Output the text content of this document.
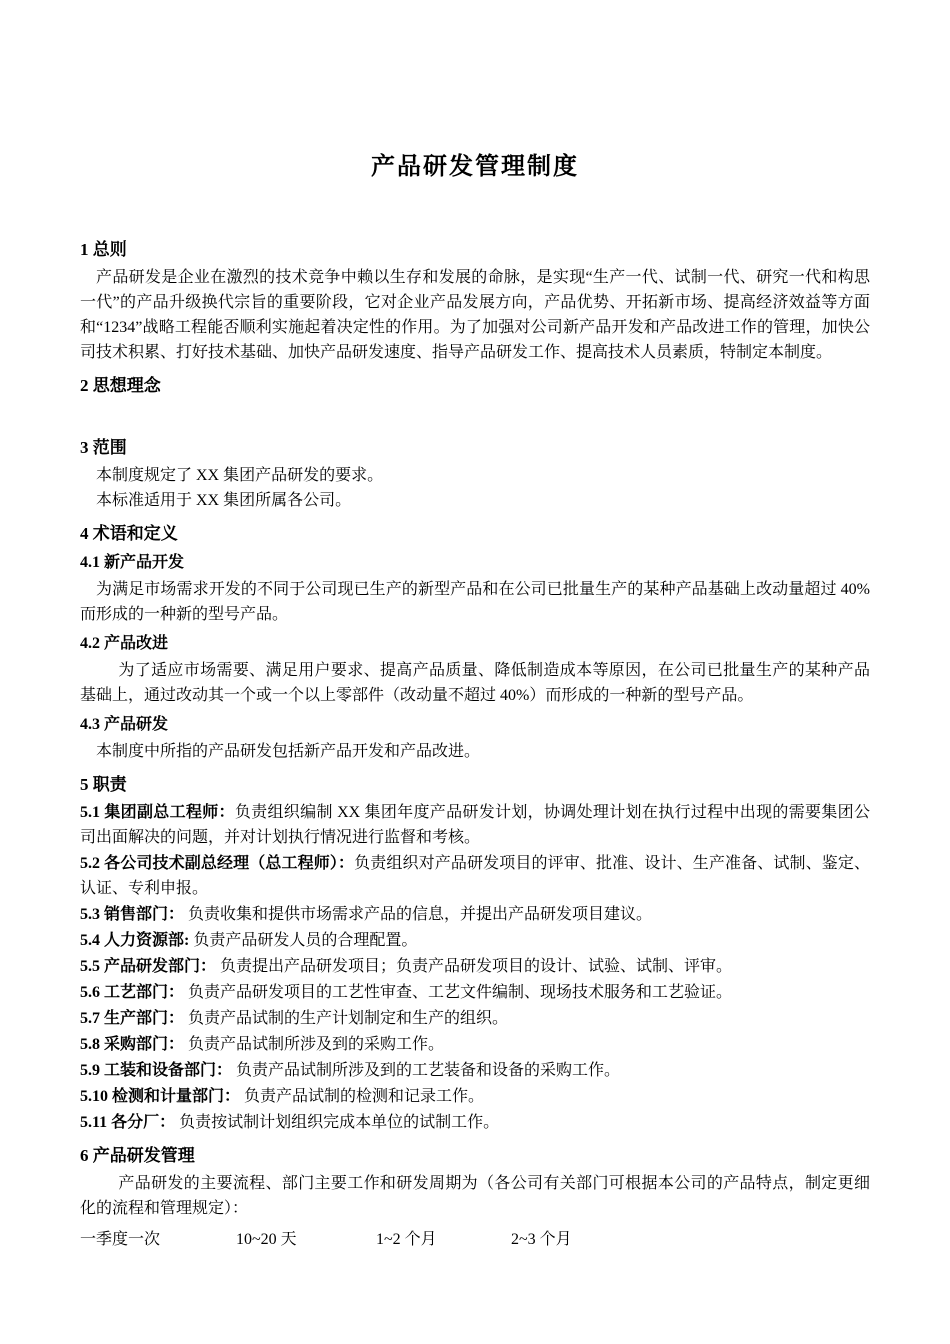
产品研发管理制度
1 总则

产品研发是企业在激烈的技术竞争中赖以生存和发展的命脉，是实现“生产一代、试制一代、研究一代和构思一代”的产品升级换代宗旨的重要阶段，它对企业产品发展方向，产品优势、开拓新市场、提高经济效益等方面和“1234”战略工程能否顺利实施起着决定性的作用。为了加强对公司新产品开发和产品改进工作的管理，加快公司技术积累、打好技术基础、加快产品研发速度、指导产品研发工作、提高技术人员素质，特制定本制度。

2 思想理念
3 范围

本制度规定了 XX 集团产品研发的要求。

本标准适用于 XX 集团所属各公司。

4 术语和定义
4.1 新产品开发

为满足市场需求开发的不同于公司现已生产的新型产品和在公司已批量生产的某种产品基础上改动量超过 40%而形成的一种新的型号产品。

4.2 产品改进

为了适应市场需要、满足用户要求、提高产品质量、降低制造成本等原因，在公司已批量生产的某种产品基础上，通过改动其一个或一个以上零部件（改动量不超过 40%）而形成的一种新的型号产品。

4.3 产品研发

本制度中所指的产品研发包括新产品开发和产品改进。

5 职责

5.1 集团副总工程师：负责组织编制 XX 集团年度产品研发计划，协调处理计划在执行过程中出现的需要集团公司出面解决的问题，并对计划执行情况进行监督和考核。

5.2 各公司技术副总经理（总工程师）：负责组织对产品研发项目的评审、批准、设计、生产准备、试制、鉴定、认证、专利申报。

5.3 销售部门： 负责收集和提供市场需求产品的信息，并提出产品研发项目建议。

5.4 人力资源部: 负责产品研发人员的合理配置。

5.5 产品研发部门： 负责提出产品研发项目；负责产品研发项目的设计、试验、试制、评审。

5.6 工艺部门： 负责产品研发项目的工艺性审查、工艺文件编制、现场技术服务和工艺验证。

5.7 生产部门： 负责产品试制的生产计划制定和生产的组织。

5.8 采购部门： 负责产品试制所涉及到的采购工作。

5.9 工装和设备部门： 负责产品试制所涉及到的工艺装备和设备的采购工作。

5.10 检测和计量部门： 负责产品试制的检测和记录工作。

5.11 各分厂： 负责按试制计划组织完成本单位的试制工作。

6 产品研发管理

产品研发的主要流程、部门主要工作和研发周期为（各公司有关部门可根据本公司的产品特点，制定更细化的流程和管理规定）：

一季度一次	10~20 天	1~2 个月	2~3 个月
